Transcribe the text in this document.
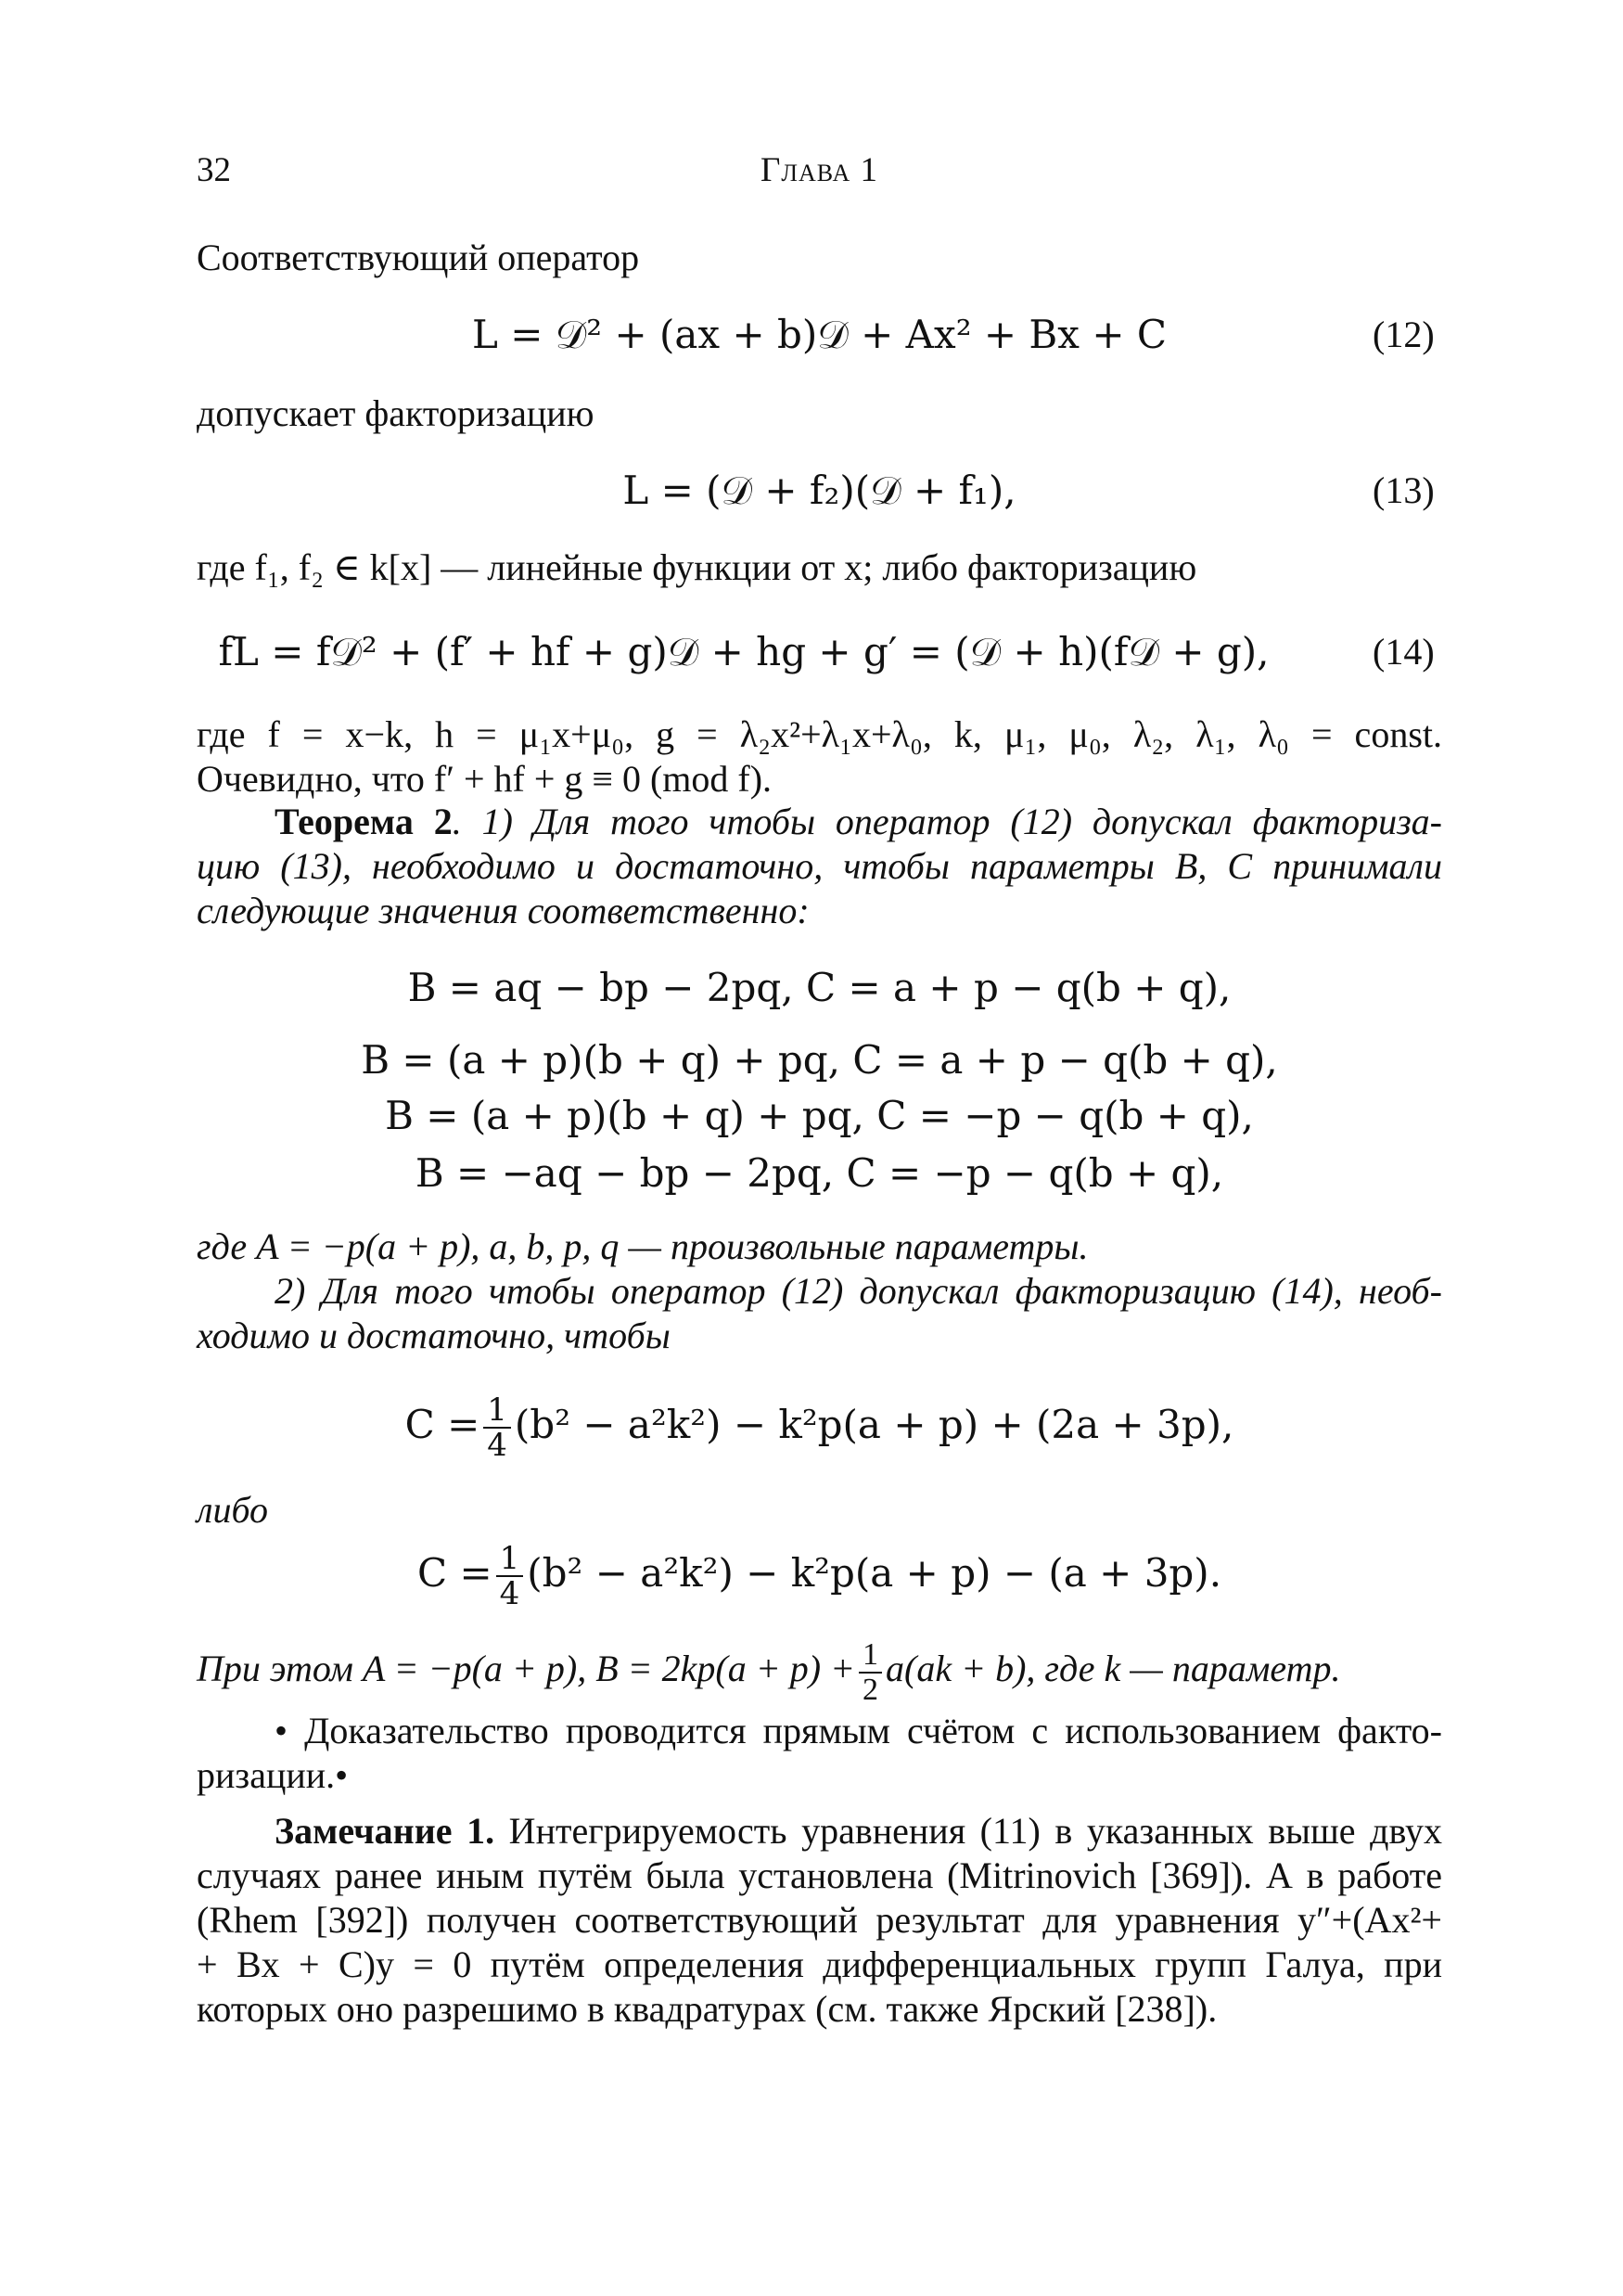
32	Глава 1
Соответствующий оператор
L = 𝒟² + (ax + b)𝒟 + Ax² + Bx + C	(12)
допускает факторизацию
L = (𝒟 + f₂)(𝒟 + f₁),	(13)
где f₁, f₂ ∈ k[x] — линейные функции от x; либо факторизацию
fL = f𝒟² + (f′ + hf + g)𝒟 + hg + g′ = (𝒟 + h)(f𝒟 + g),	(14)
где f = x−k, h = μ₁x+μ₀, g = λ₂x²+λ₁x+λ₀, k, μ₁, μ₀, λ₂, λ₁, λ₀ = const.
Очевидно, что f′ + hf + g ≡ 0 (mod f).
Теорема 2. 1) Для того чтобы оператор (12) допускал факториза-
цию (13), необходимо и достаточно, чтобы параметры B, C принимали
следующие значения соответственно:
B = aq − bp − 2pq, C = a + p − q(b + q),
B = (a + p)(b + q) + pq, C = a + p − q(b + q),
B = (a + p)(b + q) + pq, C = −p − q(b + q),
B = −aq − bp − 2pq, C = −p − q(b + q),
где A = −p(a + p), a, b, p, q — произвольные параметры.
2) Для того чтобы оператор (12) допускал факторизацию (14), необ-
ходимо и достаточно, чтобы
$C = \frac{1}{4} (b^2 - a^2k^2) - k^2p(a + p) + (2a + 3p)$,
либо
$C = \frac{1}{4} (b^2 - a^2k^2) - k^2p(a + p) - (a + 3p)$.
При этом A = −p(a + p), $B = 2kp(a + p) + \frac{1}{2} a(ak + b)$, где k — параметр.
• Доказательство проводится прямым счётом с использованием факто-
ризации.•
Замечание 1. Интегрируемость уравнения (11) в указанных выше двух
случаях ранее иным путём была установлена (Mitrinovich [369]). А в работе
(Rhem [392]) получен соответствующий результат для уравнения y″+(Ax²+
+ Bx + C)y = 0 путём определения дифференциальных групп Галуа, при
которых оно разрешимо в квадратурах (см. также Ярский [238]).
